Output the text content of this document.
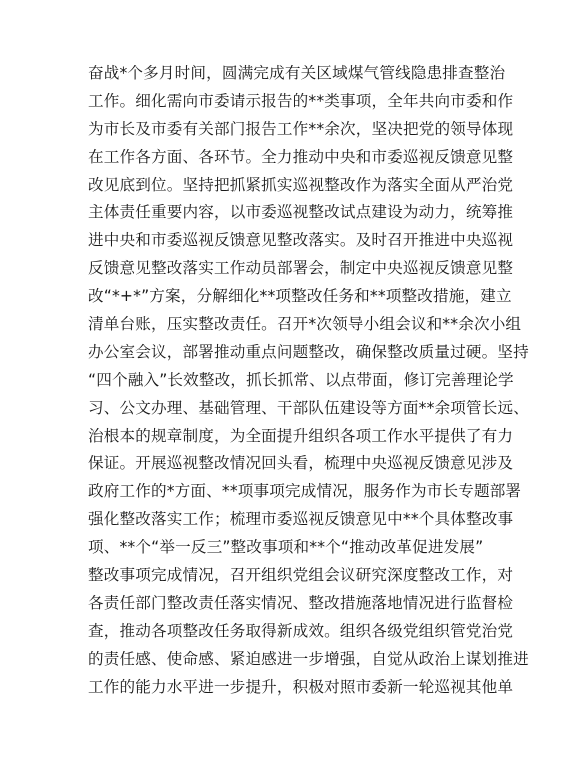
奋战*个多月时间，圆满完成有关区域煤气管线隐患排查整治
工作。细化需向市委请示报告的**类事项，全年共向市委和作
为市长及市委有关部门报告工作**余次，坚决把党的领导体现
在工作各方面、各环节。全力推动中央和市委巡视反馈意见整
改见底到位。坚持把抓紧抓实巡视整改作为落实全面从严治党
主体责任重要内容，以市委巡视整改试点建设为动力，统筹推
进中央和市委巡视反馈意见整改落实。及时召开推进中央巡视
反馈意见整改落实工作动员部署会，制定中央巡视反馈意见整
改“*+*”方案，分解细化**项整改任务和**项整改措施，建立
清单台账，压实整改责任。召开*次领导小组会议和**余次小组
办公室会议，部署推动重点问题整改，确保整改质量过硬。坚持
“四个融入”长效整改，抓长抓常、以点带面，修订完善理论学
习、公文办理、基础管理、干部队伍建设等方面**余项管长远、
治根本的规章制度，为全面提升组织各项工作水平提供了有力
保证。开展巡视整改情况回头看，梳理中央巡视反馈意见涉及
政府工作的*方面、**项事项完成情况，服务作为市长专题部署
强化整改落实工作；梳理市委巡视反馈意见中**个具体整改事
项、**个“举一反三”整改事项和**个“推动改革促进发展”
整改事项完成情况，召开组织党组会议研究深度整改工作，对
各责任部门整改责任落实情况、整改措施落地情况进行监督检
查，推动各项整改任务取得新成效。组织各级党组织管党治党
的责任感、使命感、紧迫感进一步增强，自觉从政治上谋划推进
工作的能力水平进一步提升，积极对照市委新一轮巡视其他单
